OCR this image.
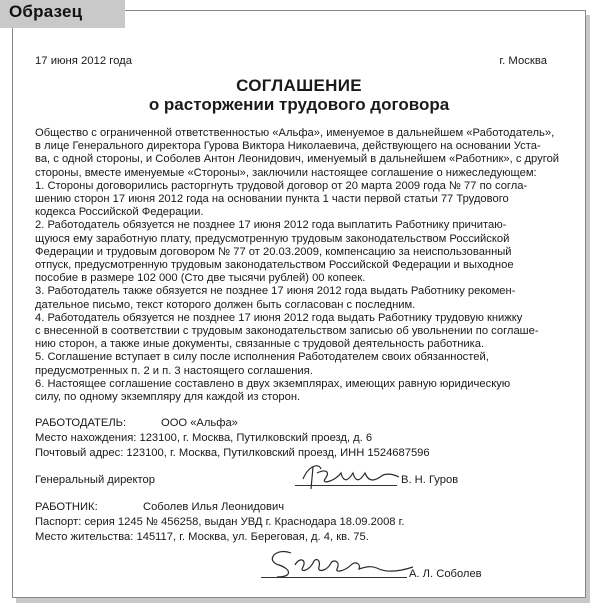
Образец
17 июня 2012 года	г. Москва
СОГЛАШЕНИЕ
о расторжении трудового договора
Общество с ограниченной ответственностью «Альфа», именуемое в дальнейшем «Работодатель»,
в лице Генерального директора Гурова Виктора Николаевича, действующего на основании Уста-
ва, с одной стороны, и Соболев Антон Леонидович, именуемый в дальнейшем «Работник», с другой
стороны, вместе именуемые «Стороны», заключили настоящее соглашение о нижеследующем:
1. Стороны договорились расторгнуть трудовой договор от 20 марта 2009 года № 77 по согла-
шению сторон 17 июня 2012 года на основании пункта 1 части первой статьи 77 Трудового
кодекса Российской Федерации.
2. Работодатель обязуется не позднее 17 июня 2012 года выплатить Работнику причитаю-
щуюся ему заработную плату, предусмотренную трудовым законодательством Российской
Федерации и трудовым договором № 77 от 20.03.2009, компенсацию за неиспользованный
отпуск, предусмотренную трудовым законодательством Российской Федерации и выходное
пособие в размере 102 000 (Сто две тысячи рублей) 00 копеек.
3. Работодатель также обязуется не позднее 17 июня 2012 года выдать Работнику рекомен-
дательное письмо, текст которого должен быть согласован с последним.
4. Работодатель обязуется не позднее 17 июня 2012 года выдать Работнику трудовую книжку
с внесенной в соответствии с трудовым законодательством записью об увольнении по соглаше-
нию сторон, а также иные документы, связанные с трудовой деятельность работника.
5. Соглашение вступает в силу после исполнения Работодателем своих обязанностей,
предусмотренных п. 2 и п. 3 настоящего соглашения.
6. Настоящее соглашение составлено в двух экземплярах, имеющих равную юридическую
силу, по одному экземпляру для каждой из сторон.
РАБОТОДАТЕЛЬ:	ООО «Альфа»
Место нахождения: 123100, г. Москва, Путилковский проезд, д. 6
Почтовый адрес: 123100, г. Москва, Путилковский проезд, ИНН 1524687596
Генеральный директор	В. Н. Гуров
РАБОТНИК:	Соболев Илья Леонидович
Паспорт: серия 1245 № 456258, выдан УВД г. Краснодара 18.09.2008 г.
Место жительства: 145117, г. Москва, ул. Береговая, д. 4, кв. 75.
А. Л. Соболев
